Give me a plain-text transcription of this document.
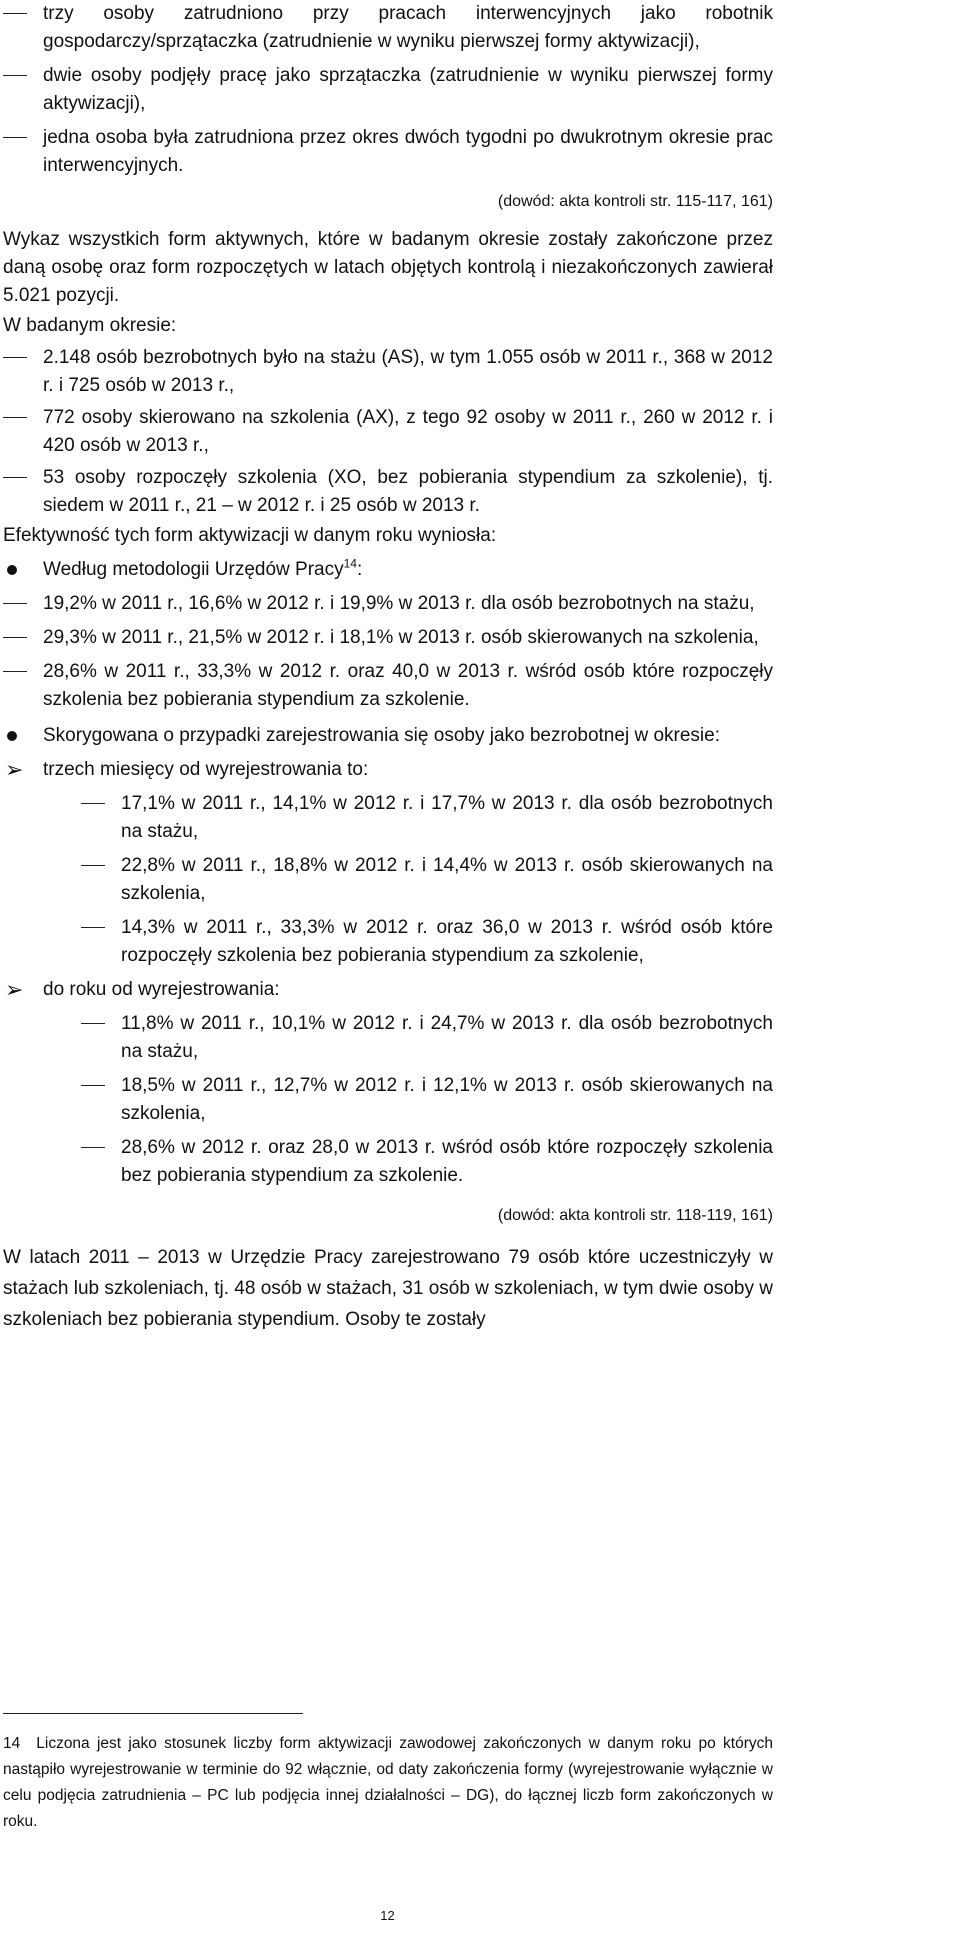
trzy osoby zatrudniono przy pracach interwencyjnych jako robotnik gospodarczy/sprzątaczka (zatrudnienie w wyniku pierwszej formy aktywizacji),
dwie osoby podjęły pracę jako sprzątaczka (zatrudnienie w wyniku pierwszej formy aktywizacji),
jedna osoba była zatrudniona przez okres dwóch tygodni po dwukrotnym okresie prac interwencyjnych.

(dowód: akta kontroli str. 115-117, 161)

Wykaz wszystkich form aktywnych, które w badanym okresie zostały zakończone przez daną osobę oraz form rozpoczętych w latach objętych kontrolą i niezakończonych zawierał 5.021 pozycji.

W badanym okresie:

2.148 osób bezrobotnych było na stażu (AS), w tym 1.055 osób w 2011 r., 368 w 2012 r. i 725 osób w 2013 r.,
772 osoby skierowano na szkolenia (AX), z tego 92 osoby w 2011 r., 260 w 2012 r. i 420 osób w 2013 r.,
53 osoby rozpoczęły szkolenia (XO, bez pobierania stypendium za szkolenie), tj. siedem w 2011 r., 21 – w 2012 r. i 25 osób w 2013 r.

Efektywność tych form aktywizacji w danym roku wyniosła:

Według metodologii Urzędów Pracy$^{14}$:
19,2% w 2011 r., 16,6% w 2012 r. i 19,9% w 2013 r. dla osób bezrobotnych na stażu,
29,3% w 2011 r., 21,5% w 2012 r. i 18,1% w 2013 r. osób skierowanych na szkolenia,
28,6% w 2011 r., 33,3% w 2012 r. oraz 40,0 w 2013 r. wśród osób które rozpoczęły szkolenia bez pobierania stypendium za szkolenie.
Skorygowana o przypadki zarejestrowania się osoby jako bezrobotnej w okresie:
➢ trzech miesięcy od wyrejestrowania to:
17,1% w 2011 r., 14,1% w 2012 r. i 17,7% w 2013 r. dla osób bezrobotnych na stażu,
22,8% w 2011 r., 18,8% w 2012 r. i 14,4% w 2013 r. osób skierowanych na szkolenia,
14,3% w 2011 r., 33,3% w 2012 r. oraz 36,0 w 2013 r. wśród osób które rozpoczęły szkolenia bez pobierania stypendium za szkolenie,
➢ do roku od wyrejestrowania:
11,8% w 2011 r., 10,1% w 2012 r. i 24,7% w 2013 r. dla osób bezrobotnych na stażu,
18,5% w 2011 r., 12,7% w 2012 r. i 12,1% w 2013 r. osób skierowanych na szkolenia,
28,6% w 2012 r. oraz 28,0 w 2013 r. wśród osób które rozpoczęły szkolenia bez pobierania stypendium za szkolenie.

(dowód: akta kontroli str. 118-119, 161)

W latach 2011 – 2013 w Urzędzie Pracy zarejestrowano 79 osób które uczestniczyły w stażach lub szkoleniach, tj. 48 osób w stażach, 31 osób w szkoleniach, w tym dwie osoby w szkoleniach bez pobierania stypendium. Osoby te zostały

14 Liczona jest jako stosunek liczby form aktywizacji zawodowej zakończonych w danym roku po których nastąpiło wyrejestrowanie w terminie do 92 włącznie, od daty zakończenia formy (wyrejestrowanie wyłącznie w celu podjęcia zatrudnienia – PC lub podjęcia innej działalności – DG), do łącznej liczb form zakończonych w roku.
12
